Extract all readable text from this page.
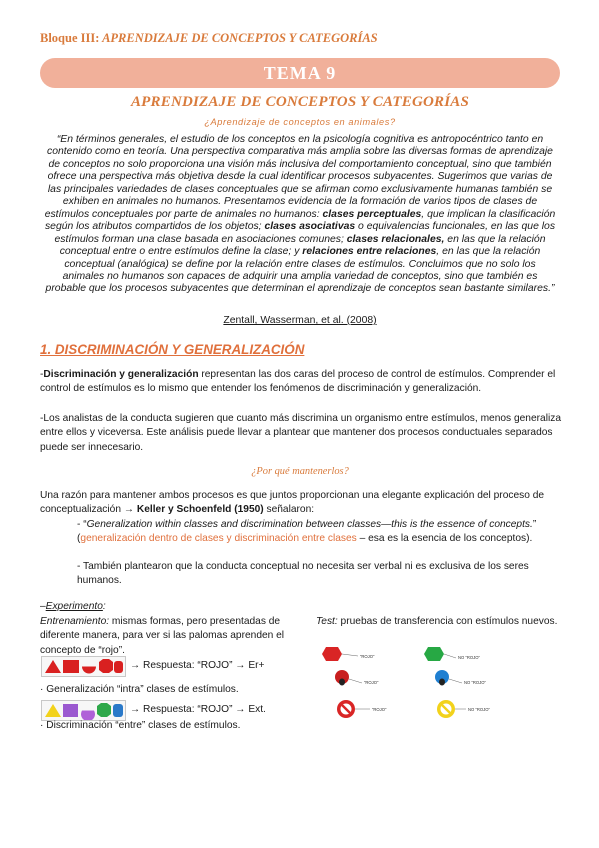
Bloque III: APRENDIZAJE DE CONCEPTOS Y CATEGORÍAS
TEMA 9
APRENDIZAJE DE CONCEPTOS Y CATEGORÍAS
¿Aprendizaje de conceptos en animales?
“En términos generales, el estudio de los conceptos en la psicología cognitiva es antropocéntrico tanto en contenido como en teoría. Una perspectiva comparativa más amplia sobre las diversas formas de aprendizaje de conceptos no solo proporciona una visión más inclusiva del comportamiento conceptual, sino que también ofrece una perspectiva más objetiva desde la cual identificar procesos subyacentes. Sugerimos que varias de las principales variedades de clases conceptuales que se afirman como exclusivamente humanas también se exhiben en animales no humanos. Presentamos evidencia de la formación de varios tipos de clases de estímulos conceptuales por parte de animales no humanos: clases perceptuales, que implican la clasificación según los atributos compartidos de los objetos; clases asociativas o equivalencias funcionales, en las que los estímulos forman una clase basada en asociaciones comunes; clases relacionales, en las que la relación conceptual entre o entre estímulos define la clase; y relaciones entre relaciones, en las que la relación conceptual (analógica) se define por la relación entre clases de estímulos. Concluimos que no solo los animales no humanos son capaces de adquirir una amplia variedad de conceptos, sino que también es probable que los procesos subyacentes que determinan el aprendizaje de conceptos sean bastante similares.”
Zentall, Wasserman, et al. (2008)
1. DISCRIMINACIÓN Y GENERALIZACIÓN
-Discriminación y generalización representan las dos caras del proceso de control de estímulos. Comprender el control de estímulos es lo mismo que entender los fenómenos de discriminación y generalización.
-Los analistas de la conducta sugieren que cuanto más discrimina un organismo entre estímulos, menos generaliza entre ellos y viceversa. Este análisis puede llevar a plantear que mantener dos procesos conductuales separados puede ser innecesario.
¿Por qué mantenerlos?
Una razón para mantener ambos procesos es que juntos proporcionan una elegante explicación del proceso de conceptualización → Keller y Schoenfeld (1950) señalaron:
- “Generalization within classes and discrimination between classes—this is the essence of concepts.” (generalización dentro de clases y discriminación entre clases – esa es la esencia de los conceptos).
- También plantearon que la conducta conceptual no necesita ser verbal ni es exclusiva de los seres humanos.
–Experimento:
Entrenamiento: mismas formas, pero presentadas de diferente manera, para ver si las palomas aprenden el concepto de “rojo”.
Test: pruebas de transferencia con estímulos nuevos.
→ Respuesta: “ROJO” → Er+
· Generalización “intra” clases de estímulos.
→ Respuesta: “ROJO” → Ext.
· Discriminación “entre” clases de estímulos.
“ROJO”	NO “ROJO”
“ROJO”	NO “ROJO”
“ROJO”	NO “ROJO”
